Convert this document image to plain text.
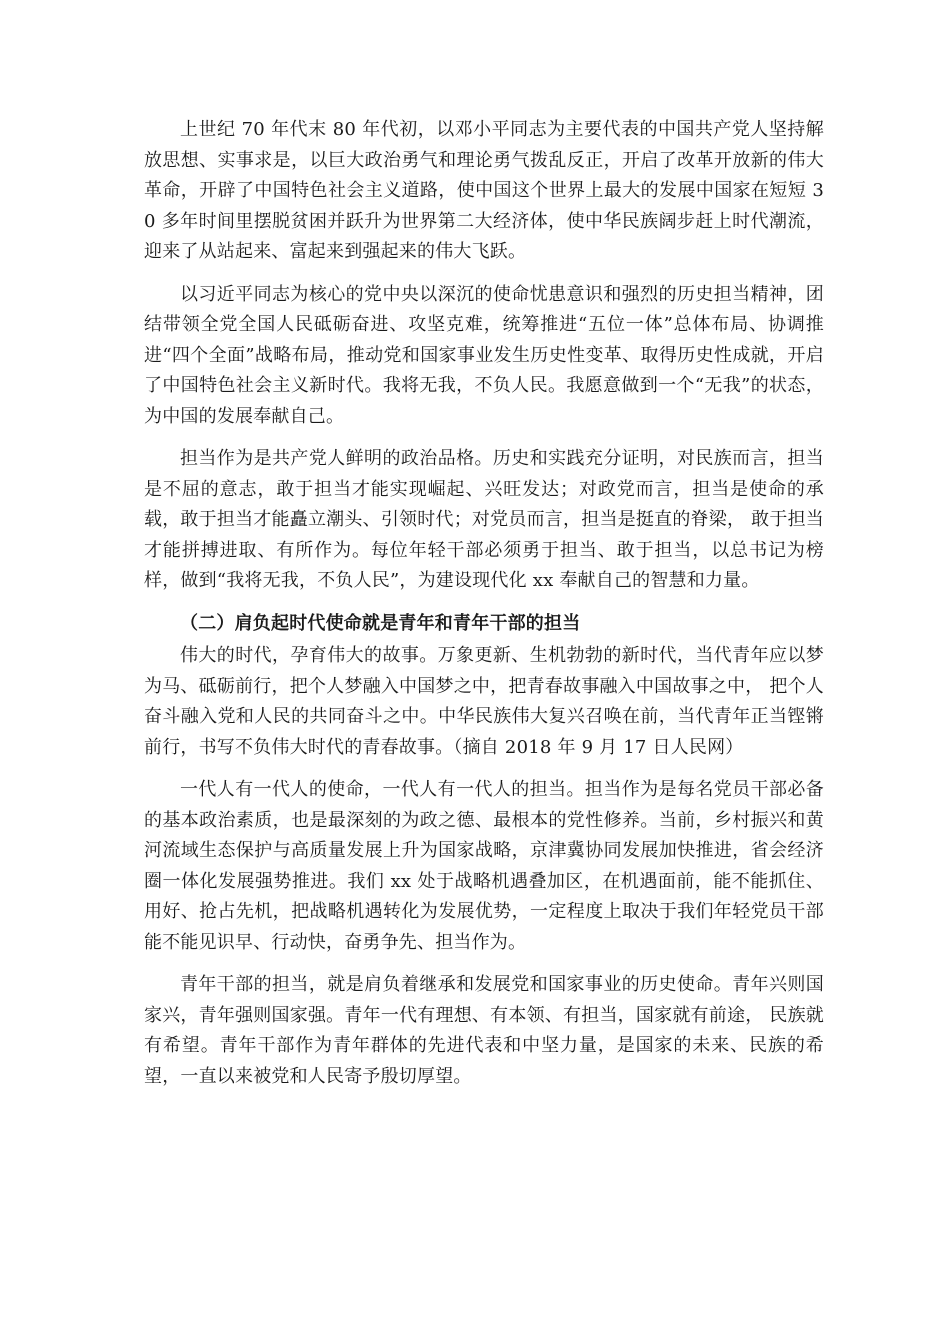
上世纪 70 年代末 80 年代初，以邓小平同志为主要代表的中国共产党人坚持解放思想、实事求是，以巨大政治勇气和理论勇气拨乱反正，开启了改革开放新的伟大革命，开辟了中国特色社会主义道路，使中国这个世界上最大的发展中国家在短短 30 多年时间里摆脱贫困并跃升为世界第二大经济体，使中华民族阔步赶上时代潮流，迎来了从站起来、富起来到强起来的伟大飞跃。

以习近平同志为核心的党中央以深沉的使命忧患意识和强烈的历史担当精神，团结带领全党全国人民砥砺奋进、攻坚克难，统筹推进“五位一体”总体布局、协调推进“四个全面”战略布局，推动党和国家事业发生历史性变革、取得历史性成就，开启了中国特色社会主义新时代。我将无我，不负人民。我愿意做到一个“无我”的状态，为中国的发展奉献自己。

担当作为是共产党人鲜明的政治品格。历史和实践充分证明，对民族而言，担当是不屈的意志，敢于担当才能实现崛起、兴旺发达；对政党而言，担当是使命的承载，敢于担当才能矗立潮头、引领时代；对党员而言，担当是挺直的脊梁， 敢于担当才能拼搏进取、有所作为。每位年轻干部必须勇于担当、敢于担当，以总书记为榜样，做到“我将无我，不负人民”，为建设现代化 xx 奉献自己的智慧和力量。

（二）肩负起时代使命就是青年和青年干部的担当

伟大的时代，孕育伟大的故事。万象更新、生机勃勃的新时代，当代青年应以梦为马、砥砺前行，把个人梦融入中国梦之中，把青春故事融入中国故事之中， 把个人奋斗融入党和人民的共同奋斗之中。中华民族伟大复兴召唤在前，当代青年正当铿锵前行，书写不负伟大时代的青春故事。（摘自 2018 年 9 月 17 日人民网）

一代人有一代人的使命，一代人有一代人的担当。担当作为是每名党员干部必备的基本政治素质，也是最深刻的为政之德、最根本的党性修养。当前，乡村振兴和黄河流域生态保护与高质量发展上升为国家战略，京津冀协同发展加快推进，省会经济圈一体化发展强势推进。我们 xx 处于战略机遇叠加区，在机遇面前，能不能抓住、用好、抢占先机，把战略机遇转化为发展优势，一定程度上取决于我们年轻党员干部能不能见识早、行动快，奋勇争先、担当作为。

青年干部的担当，就是肩负着继承和发展党和国家事业的历史使命。青年兴则国家兴，青年强则国家强。青年一代有理想、有本领、有担当，国家就有前途， 民族就有希望。青年干部作为青年群体的先进代表和中坚力量，是国家的未来、民族的希望，一直以来被党和人民寄予殷切厚望。
